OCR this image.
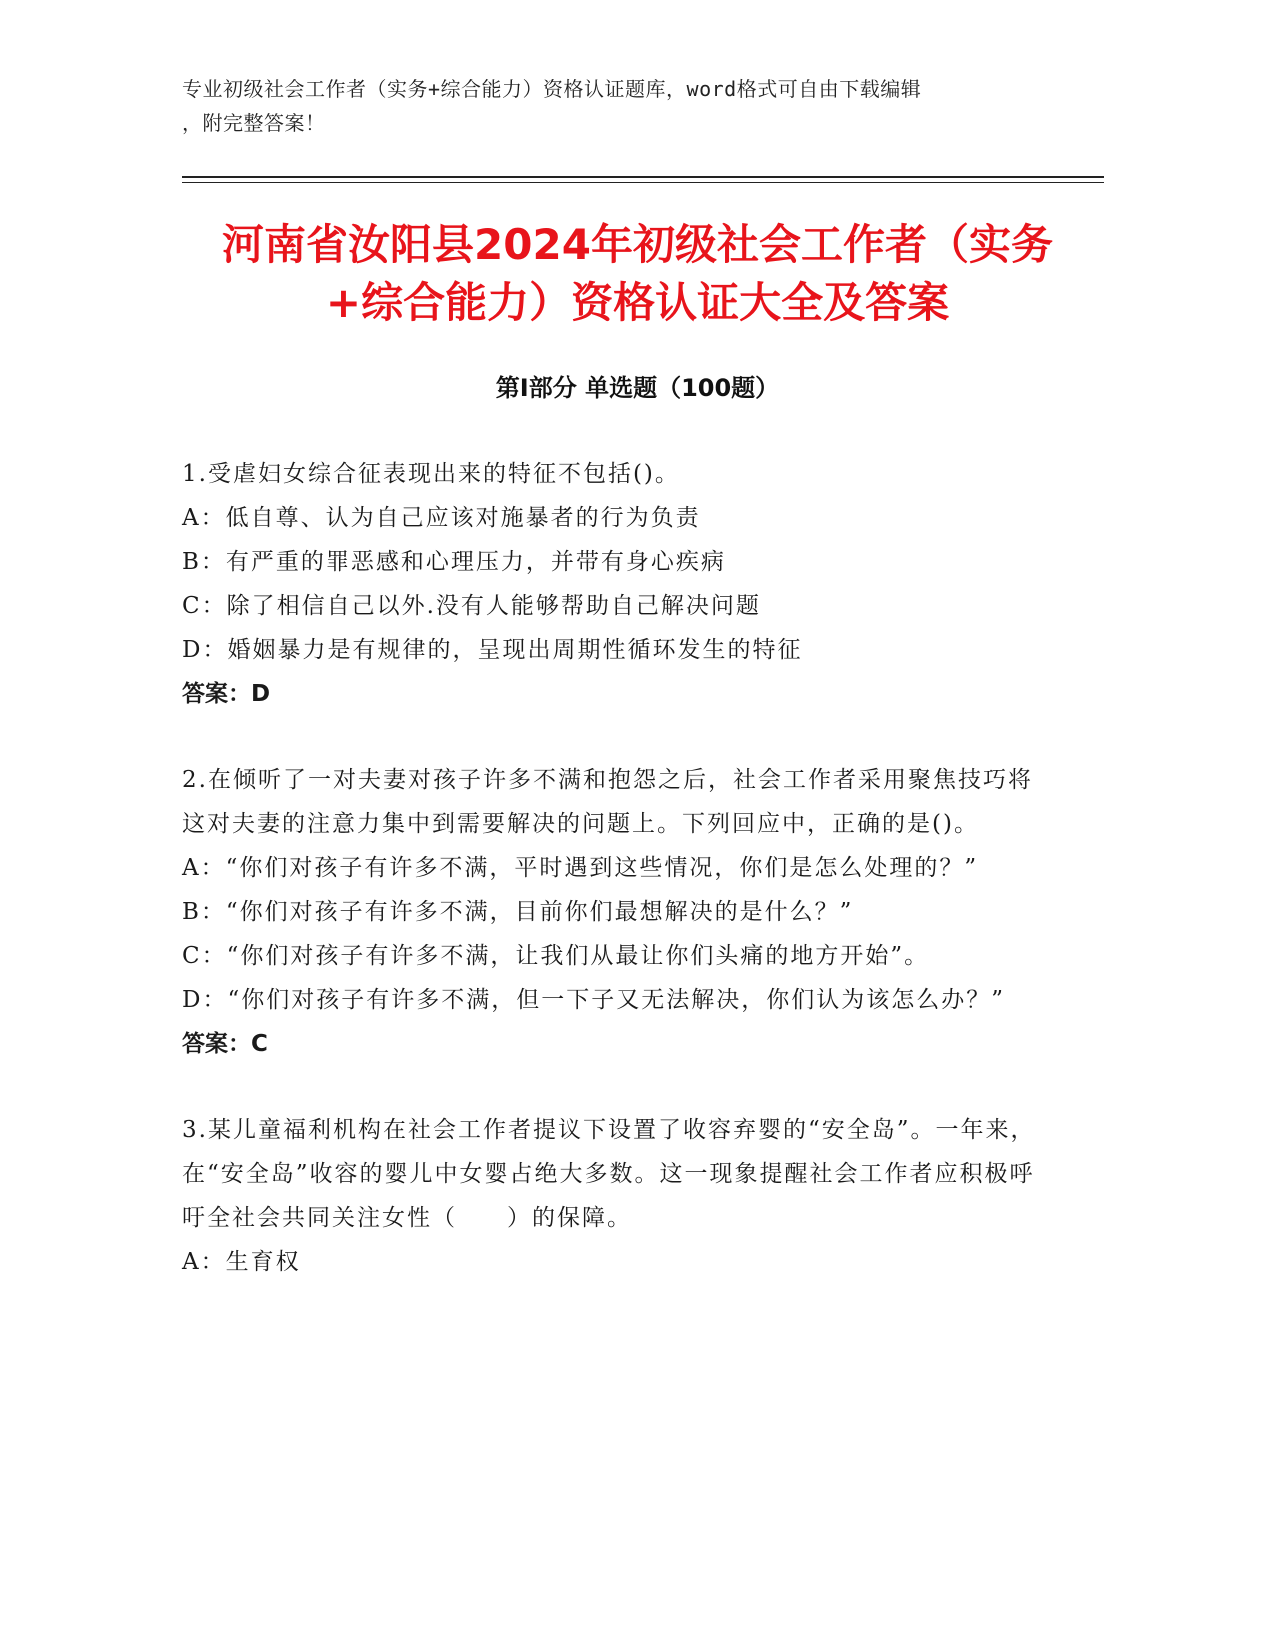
专业初级社会工作者（实务+综合能力）资格认证题库，word格式可自由下载编辑
，附完整答案！
河南省汝阳县2024年初级社会工作者（实务
+综合能力）资格认证大全及答案
第Ⅰ部分 单选题（100题）

1.受虐妇女综合征表现出来的特征不包括()。

A：低自尊、认为自己应该对施暴者的行为负责

B：有严重的罪恶感和心理压力，并带有身心疾病

C：除了相信自己以外.没有人能够帮助自己解决问题

D：婚姻暴力是有规律的，呈现出周期性循环发生的特征

答案：D

2.在倾听了一对夫妻对孩子许多不满和抱怨之后，社会工作者采用聚焦技巧将这对夫妻的注意力集中到需要解决的问题上。下列回应中，正确的是()。

A：“你们对孩子有许多不满，平时遇到这些情况，你们是怎么处理的？”

B：“你们对孩子有许多不满，目前你们最想解决的是什么？”

C：“你们对孩子有许多不满，让我们从最让你们头痛的地方开始”。

D：“你们对孩子有许多不满，但一下子又无法解决，你们认为该怎么办？”

答案：C

3.某儿童福利机构在社会工作者提议下设置了收容弃婴的“安全岛”。一年来，在“安全岛”收容的婴儿中女婴占绝大多数。这一现象提醒社会工作者应积极呼吁全社会共同关注女性（　　）的保障。

A：生育权
